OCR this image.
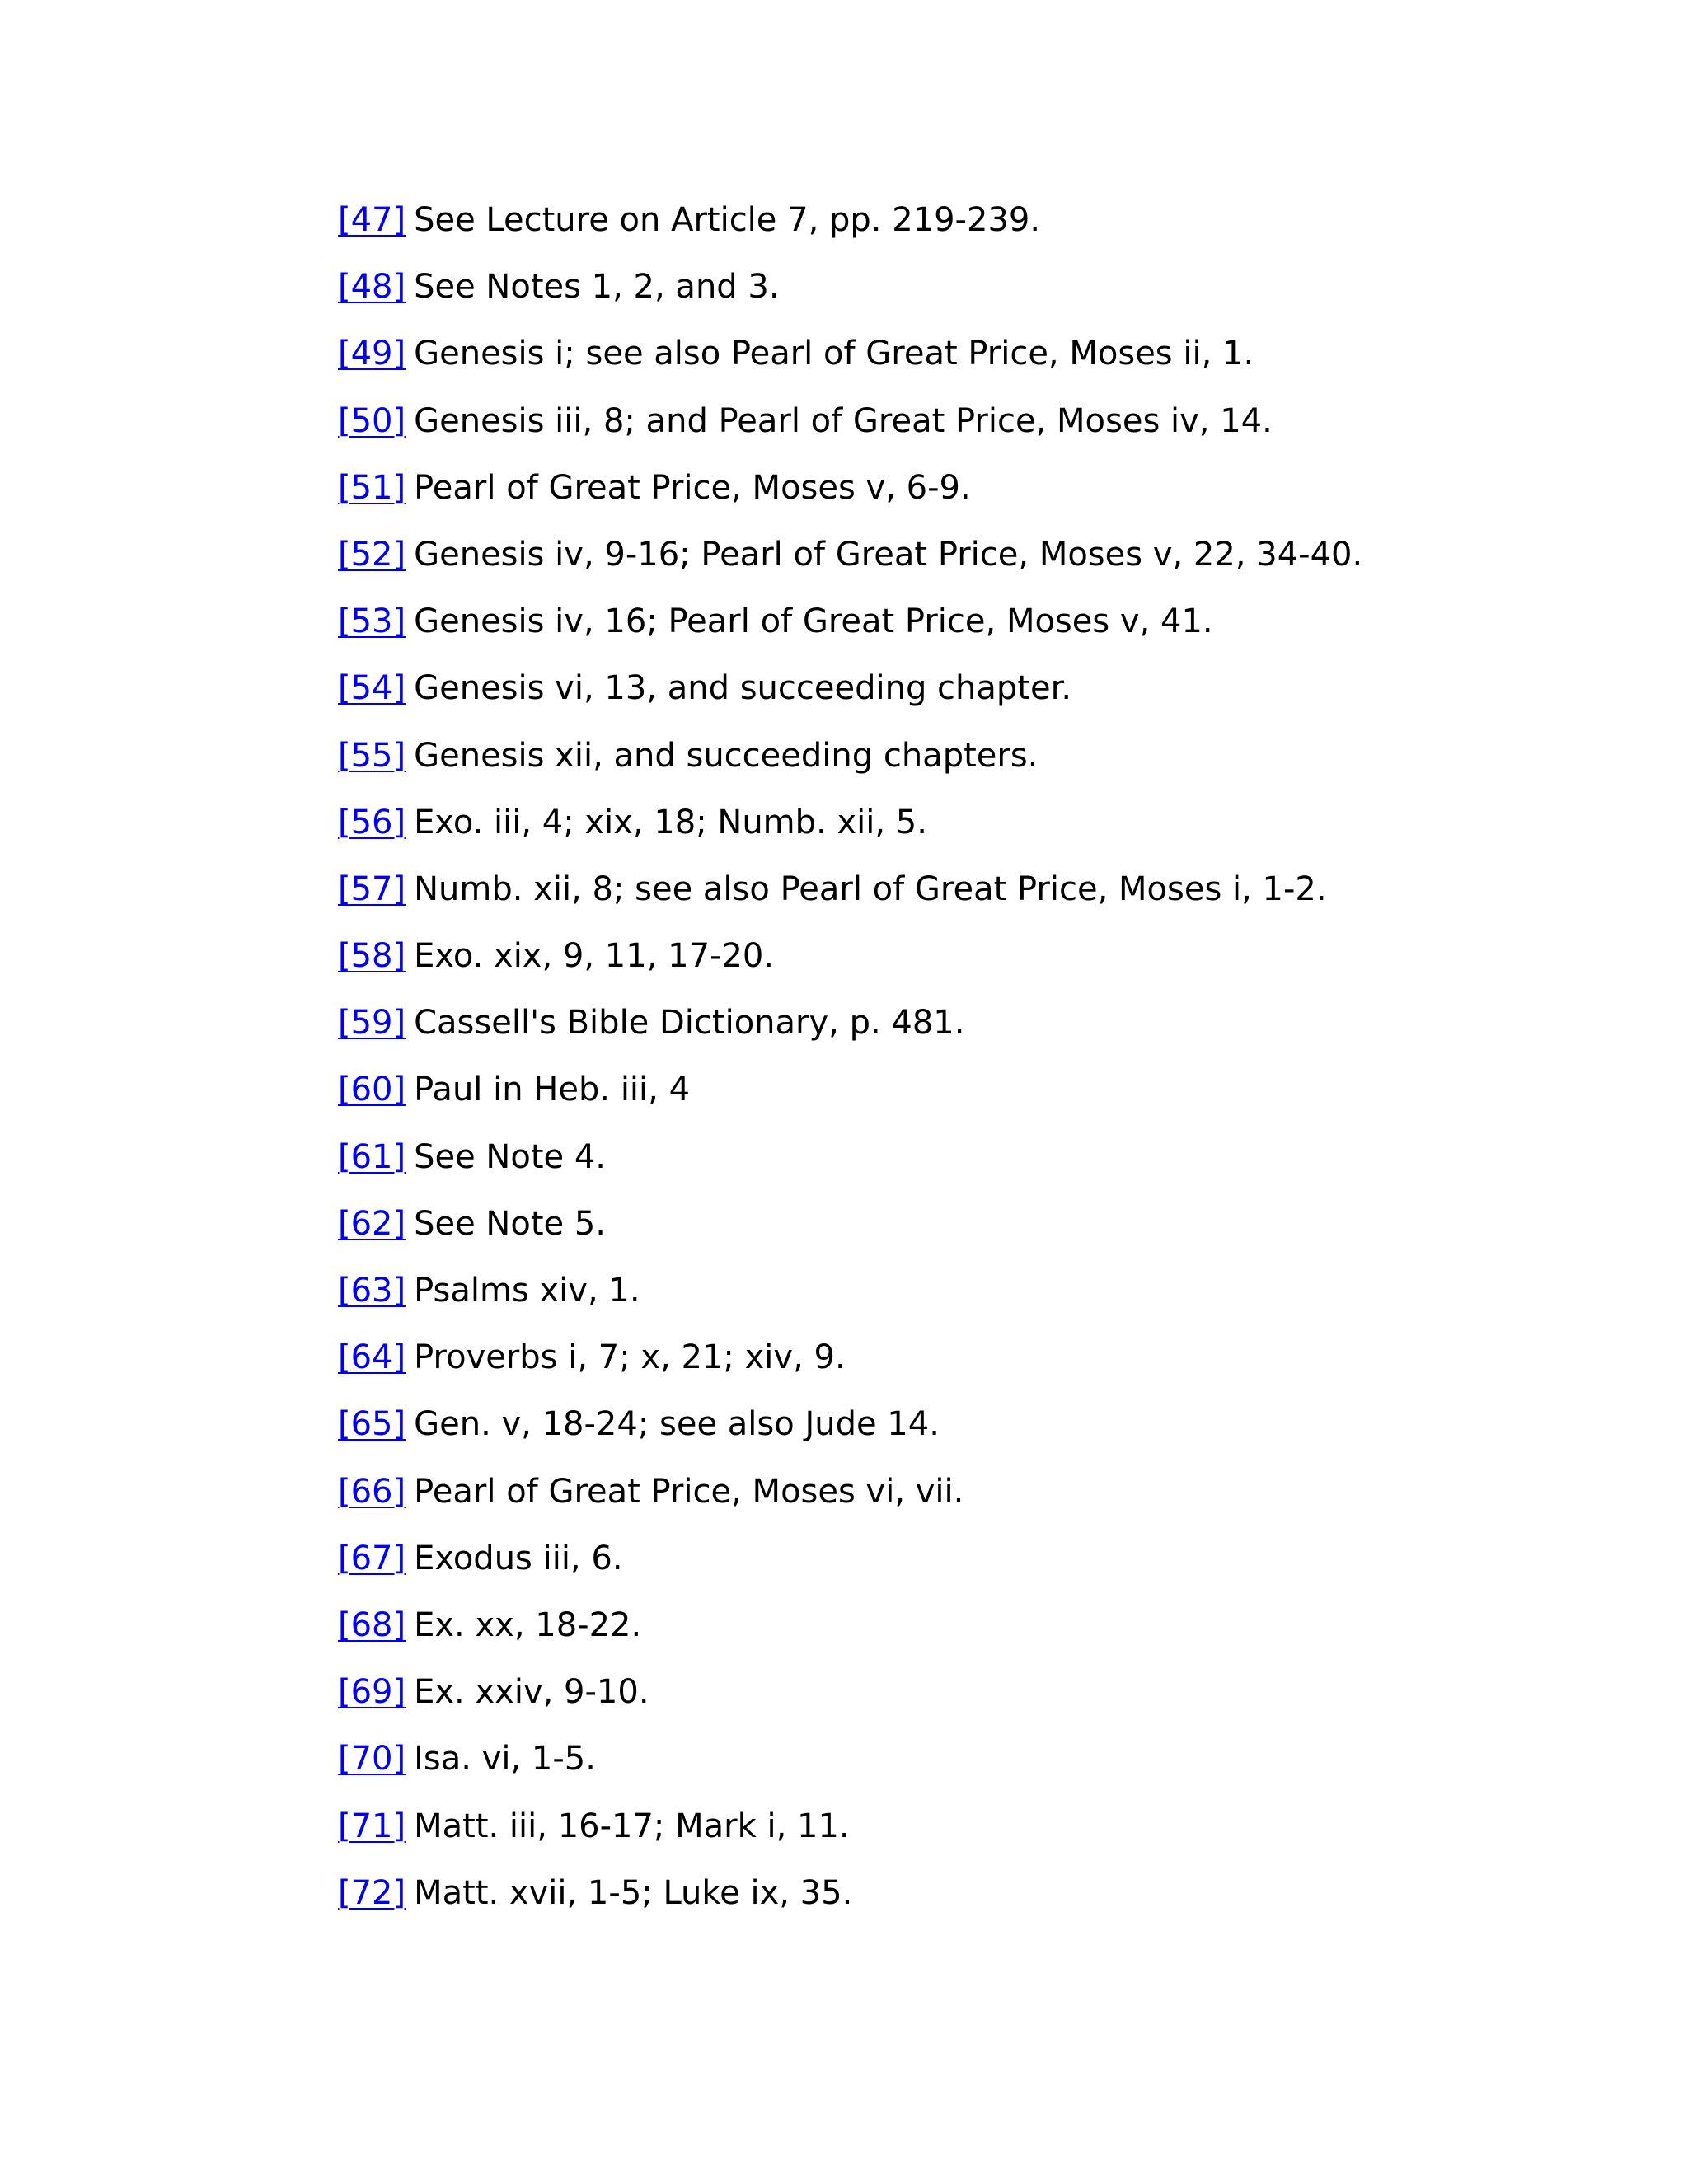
[47] See Lecture on Article 7, pp. 219-239.
[48] See Notes 1, 2, and 3.
[49] Genesis i; see also Pearl of Great Price, Moses ii, 1.
[50] Genesis iii, 8; and Pearl of Great Price, Moses iv, 14.
[51] Pearl of Great Price, Moses v, 6-9.
[52] Genesis iv, 9-16; Pearl of Great Price, Moses v, 22, 34-40.
[53] Genesis iv, 16; Pearl of Great Price, Moses v, 41.
[54] Genesis vi, 13, and succeeding chapter.
[55] Genesis xii, and succeeding chapters.
[56] Exo. iii, 4; xix, 18; Numb. xii, 5.
[57] Numb. xii, 8; see also Pearl of Great Price, Moses i, 1-2.
[58] Exo. xix, 9, 11, 17-20.
[59] Cassell's Bible Dictionary, p. 481.
[60] Paul in Heb. iii, 4
[61] See Note 4.
[62] See Note 5.
[63] Psalms xiv, 1.
[64] Proverbs i, 7; x, 21; xiv, 9.
[65] Gen. v, 18-24; see also Jude 14.
[66] Pearl of Great Price, Moses vi, vii.
[67] Exodus iii, 6.
[68] Ex. xx, 18-22.
[69] Ex. xxiv, 9-10.
[70] Isa. vi, 1-5.
[71] Matt. iii, 16-17; Mark i, 11.
[72] Matt. xvii, 1-5; Luke ix, 35.
